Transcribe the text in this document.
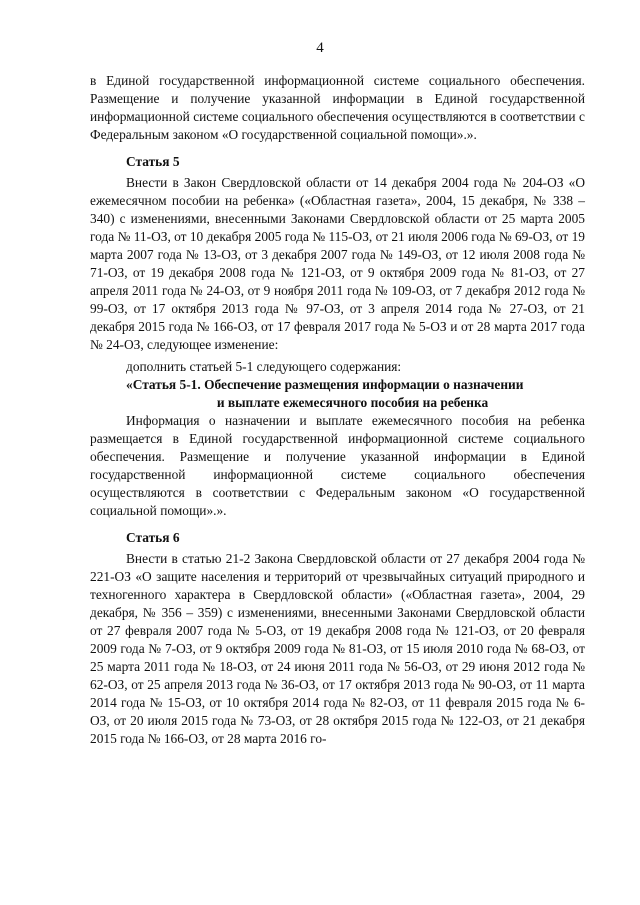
4

в Единой государственной информационной системе социального обеспечения. Размещение и получение указанной информации в Единой государственной информационной системе социального обеспечения осуществляются в соответствии с Федеральным законом «О государственной социальной помощи».».

Статья 5

Внести в Закон Свердловской области от 14 декабря 2004 года № 204-ОЗ «О ежемесячном пособии на ребенка» («Областная газета», 2004, 15 декабря, № 338 – 340) с изменениями, внесенными Законами Свердловской области от 25 марта 2005 года № 11-ОЗ, от 10 декабря 2005 года № 115-ОЗ, от 21 июля 2006 года № 69-ОЗ, от 19 марта 2007 года № 13-ОЗ, от 3 декабря 2007 года № 149-ОЗ, от 12 июля 2008 года № 71-ОЗ, от 19 декабря 2008 года № 121-ОЗ, от 9 октября 2009 года № 81-ОЗ, от 27 апреля 2011 года № 24-ОЗ, от 9 ноября 2011 года № 109-ОЗ, от 7 декабря 2012 года № 99-ОЗ, от 17 октября 2013 года № 97-ОЗ, от 3 апреля 2014 года № 27-ОЗ, от 21 декабря 2015 года № 166-ОЗ, от 17 февраля 2017 года № 5-ОЗ и от 28 марта 2017 года № 24-ОЗ, следующее изменение:

дополнить статьей 5-1 следующего содержания:

«Статья 5-1. Обеспечение размещения информации о назначении
и выплате ежемесячного пособия на ребенка

Информация о назначении и выплате ежемесячного пособия на ребенка размещается в Единой государственной информационной системе социального обеспечения. Размещение и получение указанной информации в Единой государственной информационной системе социального обеспечения осуществляются в соответствии с Федеральным законом «О государственной социальной помощи».».

Статья 6

Внести в статью 21-2 Закона Свердловской области от 27 декабря 2004 года № 221-ОЗ «О защите населения и территорий от чрезвычайных ситуаций природного и техногенного характера в Свердловской области» («Областная газета», 2004, 29 декабря, № 356 – 359) с изменениями, внесенными Законами Свердловской области от 27 февраля 2007 года № 5-ОЗ, от 19 декабря 2008 года № 121-ОЗ, от 20 февраля 2009 года № 7-ОЗ, от 9 октября 2009 года № 81-ОЗ, от 15 июля 2010 года № 68-ОЗ, от 25 марта 2011 года № 18-ОЗ, от 24 июня 2011 года № 56-ОЗ, от 29 июня 2012 года № 62-ОЗ, от 25 апреля 2013 года № 36-ОЗ, от 17 октября 2013 года № 90-ОЗ, от 11 марта 2014 года № 15-ОЗ, от 10 октября 2014 года № 82-ОЗ, от 11 февраля 2015 года № 6-ОЗ, от 20 июля 2015 года № 73-ОЗ, от 28 октября 2015 года № 122-ОЗ, от 21 декабря 2015 года № 166-ОЗ, от 28 марта 2016 го-
